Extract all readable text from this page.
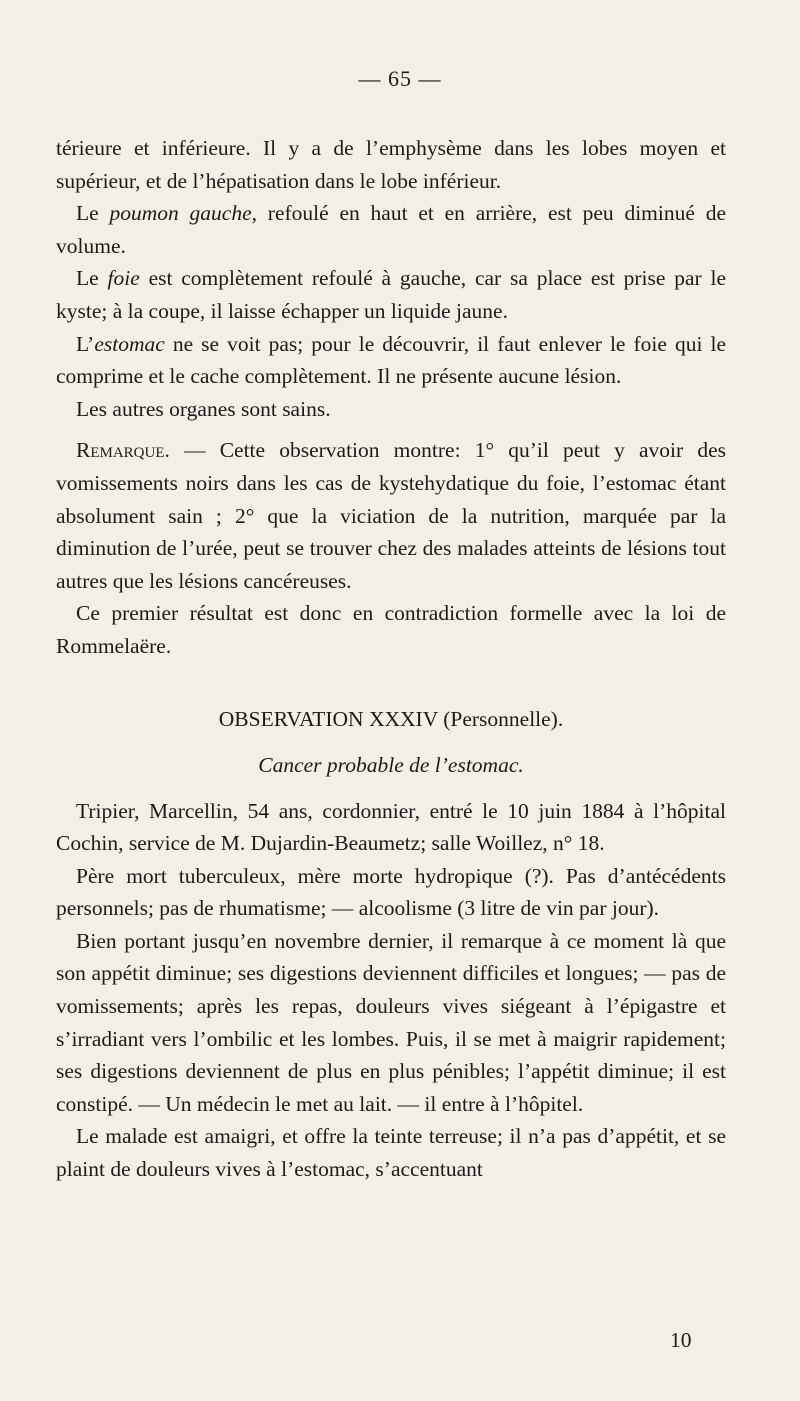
— 65 —

térieure et inférieure. Il y a de l’emphysème dans les lobes moyen et supérieur, et de l’hépatisation dans le lobe inférieur.

Le poumon gauche, refoulé en haut et en arrière, est peu diminué de volume.

Le foie est complètement refoulé à gauche, car sa place est prise par le kyste; à la coupe, il laisse échapper un liquide jaune.

L’estomac ne se voit pas; pour le découvrir, il faut enlever le foie qui le comprime et le cache complètement. Il ne présente aucune lésion.

Les autres organes sont sains.

Remarque. — Cette observation montre: 1° qu’il peut y avoir des vomissements noirs dans les cas de kystehydatique du foie, l’estomac étant absolument sain ; 2° que la viciation de la nutrition, marquée par la diminution de l’urée, peut se trouver chez des malades atteints de lésions tout autres que les lésions cancéreuses.

Ce premier résultat est donc en contradiction formelle avec la loi de Rommelaëre.

OBSERVATION XXXIV (Personnelle).
Cancer probable de l’estomac.

Tripier, Marcellin, 54 ans, cordonnier, entré le 10 juin 1884 à l’hôpital Cochin, service de M. Dujardin-Beaumetz; salle Woillez, n° 18.

Père mort tuberculeux, mère morte hydropique (?). Pas d’antécédents personnels; pas de rhumatisme; — alcoolisme (3 litre de vin par jour).

Bien portant jusqu’en novembre dernier, il remarque à ce moment là que son appétit diminue; ses digestions deviennent difficiles et longues; — pas de vomissements; après les repas, douleurs vives siégeant à l’épigastre et s’irradiant vers l’ombilic et les lombes. Puis, il se met à maigrir rapidement; ses digestions deviennent de plus en plus pénibles; l’appétit diminue; il est constipé. — Un médecin le met au lait. — il entre à l’hôpitel.

Le malade est amaigri, et offre la teinte terreuse; il n’a pas d’appétit, et se plaint de douleurs vives à l’estomac, s’accentuant

10
